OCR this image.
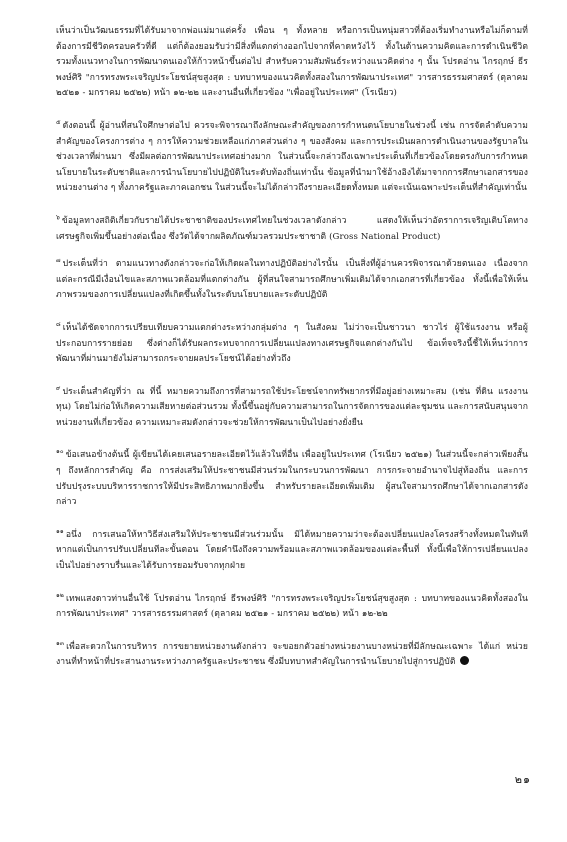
เห็นว่าเป็นวัฒนธรรมที่ได้รับมาจากพ่อแม่มาแต่ครั้ง เพื่อน ๆ ทั้งหลาย หรือการเป็นหนุ่มสาวที่ต้องเริ่มทำงานหรือไม่ก็ตามที่ต้องการมีชีวิตครอบครัวที่ดี แต่ก็ต้องยอมรับว่ามีสิ่งที่แตกต่างออกไปจากที่คาดหวังไว้ ทั้งในด้านความคิดและการดำเนินชีวิต รวมทั้งแนวทางในการพัฒนาตนเองให้ก้าวหน้าขึ้นต่อไป สำหรับความสัมพันธ์ระหว่างแนวคิดต่าง ๆ นั้น โปรดอ่าน ไกรฤกษ์ ธีรพงษ์ศิริ "การทรงพระเจริญประโยชน์สุขสูงสุด : บทบาทของแนวคิดทั้งสองในการพัฒนาประเทศ" วารสารธรรมศาสตร์ (ตุลาคม ๒๕๒๑ - มกราคม ๒๕๒๒) หน้า ๑๒-๒๒ และงานอื่นที่เกี่ยวข้อง "เพื่ออยู่ในประเทศ" (โรเนียว)

$^๕$ ดังตอนนี้ ผู้อ่านที่สนใจศึกษาต่อไป ควรจะพิจารณาถึงลักษณะสำคัญของการกำหนดนโยบายในช่วงนี้ เช่น การจัดลำดับความสำคัญของโครงการต่าง ๆ การให้ความช่วยเหลือแก่ภาคส่วนต่าง ๆ ของสังคม และการประเมินผลการดำเนินงานของรัฐบาลในช่วงเวลาที่ผ่านมา ซึ่งมีผลต่อการพัฒนาประเทศอย่างมาก ในส่วนนี้จะกล่าวถึงเฉพาะประเด็นที่เกี่ยวข้องโดยตรงกับการกำหนดนโยบายในระดับชาติและการนำนโยบายไปปฏิบัติในระดับท้องถิ่นเท่านั้น ข้อมูลที่นำมาใช้อ้างอิงได้มาจากการศึกษาเอกสารของหน่วยงานต่าง ๆ ทั้งภาครัฐและภาคเอกชน ในส่วนนี้จะไม่ได้กล่าวถึงรายละเอียดทั้งหมด แต่จะเน้นเฉพาะประเด็นที่สำคัญเท่านั้น

$^๖$ ข้อมูลทางสถิติเกี่ยวกับรายได้ประชาชาติของประเทศไทยในช่วงเวลาดังกล่าว แสดงให้เห็นว่าอัตราการเจริญเติบโตทางเศรษฐกิจเพิ่มขึ้นอย่างต่อเนื่อง ซึ่งวัดได้จากผลิตภัณฑ์มวลรวมประชาชาติ (Gross National Product)

$^๗$ ประเด็นที่ว่า ตามแนวทางดังกล่าวจะก่อให้เกิดผลในทางปฏิบัติอย่างไรนั้น เป็นสิ่งที่ผู้อ่านควรพิจารณาด้วยตนเอง เนื่องจากแต่ละกรณีมีเงื่อนไขและสภาพแวดล้อมที่แตกต่างกัน ผู้ที่สนใจสามารถศึกษาเพิ่มเติมได้จากเอกสารที่เกี่ยวข้อง ทั้งนี้เพื่อให้เห็นภาพรวมของการเปลี่ยนแปลงที่เกิดขึ้นทั้งในระดับนโยบายและระดับปฏิบัติ

$^๘$ เห็นได้ชัดจากการเปรียบเทียบความแตกต่างระหว่างกลุ่มต่าง ๆ ในสังคม ไม่ว่าจะเป็นชาวนา ชาวไร่ ผู้ใช้แรงงาน หรือผู้ประกอบการรายย่อย ซึ่งต่างก็ได้รับผลกระทบจากการเปลี่ยนแปลงทางเศรษฐกิจแตกต่างกันไป ข้อเท็จจริงนี้ชี้ให้เห็นว่าการพัฒนาที่ผ่านมายังไม่สามารถกระจายผลประโยชน์ได้อย่างทั่วถึง

$^๙$ ประเด็นสำคัญที่ว่า ณ ที่นี้ หมายความถึงการที่สามารถใช้ประโยชน์จากทรัพยากรที่มีอยู่อย่างเหมาะสม (เช่น ที่ดิน แรงงาน ทุน) โดยไม่ก่อให้เกิดความเสียหายต่อส่วนรวม ทั้งนี้ขึ้นอยู่กับความสามารถในการจัดการของแต่ละชุมชน และการสนับสนุนจากหน่วยงานที่เกี่ยวข้อง ความเหมาะสมดังกล่าวจะช่วยให้การพัฒนาเป็นไปอย่างยั่งยืน

$^{๑๐}$ ข้อเสนอข้างต้นนี้ ผู้เขียนได้เคยเสนอรายละเอียดไว้แล้วในที่อื่น เพื่ออยู่ในประเทศ (โรเนียว ๒๕๒๑) ในส่วนนี้จะกล่าวเพียงสั้น ๆ ถึงหลักการสำคัญ คือ การส่งเสริมให้ประชาชนมีส่วนร่วมในกระบวนการพัฒนา การกระจายอำนาจไปสู่ท้องถิ่น และการปรับปรุงระบบบริหารราชการให้มีประสิทธิภาพมากยิ่งขึ้น สำหรับรายละเอียดเพิ่มเติม ผู้สนใจสามารถศึกษาได้จากเอกสารดังกล่าว

$^{๑๑}$ อนึ่ง การเสนอให้หาวิธีส่งเสริมให้ประชาชนมีส่วนร่วมนั้น มิได้หมายความว่าจะต้องเปลี่ยนแปลงโครงสร้างทั้งหมดในทันที หากแต่เป็นการปรับเปลี่ยนทีละขั้นตอน โดยคำนึงถึงความพร้อมและสภาพแวดล้อมของแต่ละพื้นที่ ทั้งนี้เพื่อให้การเปลี่ยนแปลงเป็นไปอย่างราบรื่นและได้รับการยอมรับจากทุกฝ่าย

$^{๑๒}$ เทพแสงดาวท่านอื่นใช้ โปรดอ่าน ไกรฤกษ์ ธีรพงษ์ศิริ "การทรงพระเจริญประโยชน์สุขสูงสุด : บทบาทของแนวคิดทั้งสองในการพัฒนาประเทศ" วารสารธรรมศาสตร์ (ตุลาคม ๒๕๒๑ - มกราคม ๒๕๒๒) หน้า ๑๒-๒๒

$^{๑๓}$ เพื่อสะดวกในการบริหาร การขยายหน่วยงานดังกล่าว จะขอยกตัวอย่างหน่วยงานบางหน่วยที่มีลักษณะเฉพาะ ได้แก่ หน่วยงานที่ทำหน้าที่ประสานงานระหว่างภาครัฐและประชาชน ซึ่งมีบทบาทสำคัญในการนำนโยบายไปสู่การปฏิบัติ

๒๑
